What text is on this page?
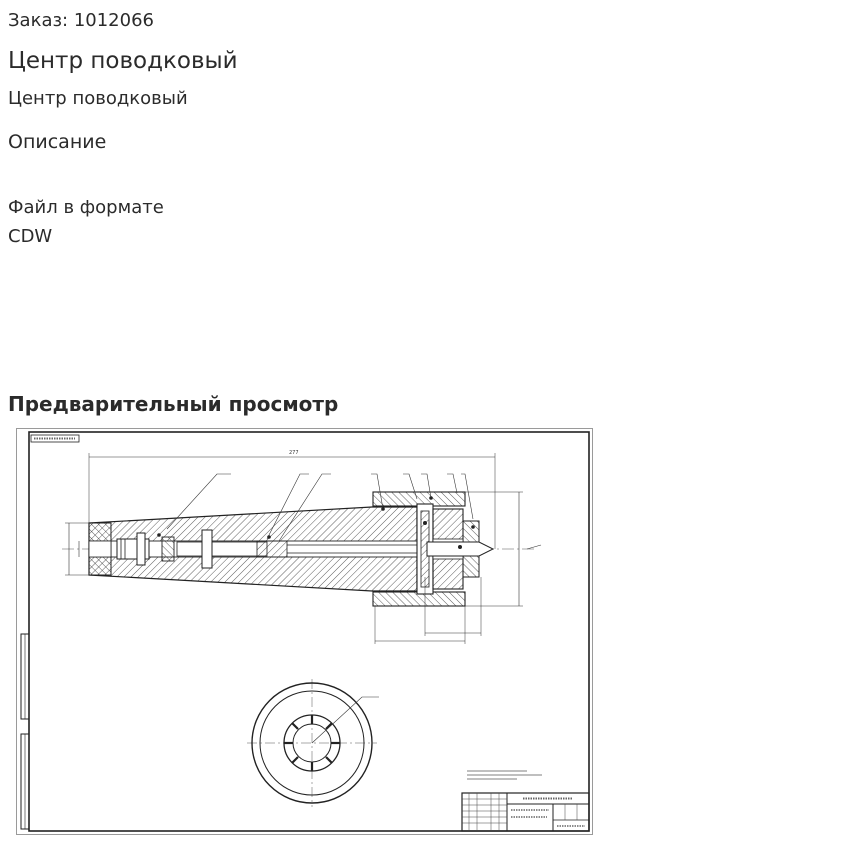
Заказ: 1012066
Центр поводковый
Центр поводковый
Описание
Файл в формате CDW
Предварительный просмотр
277
